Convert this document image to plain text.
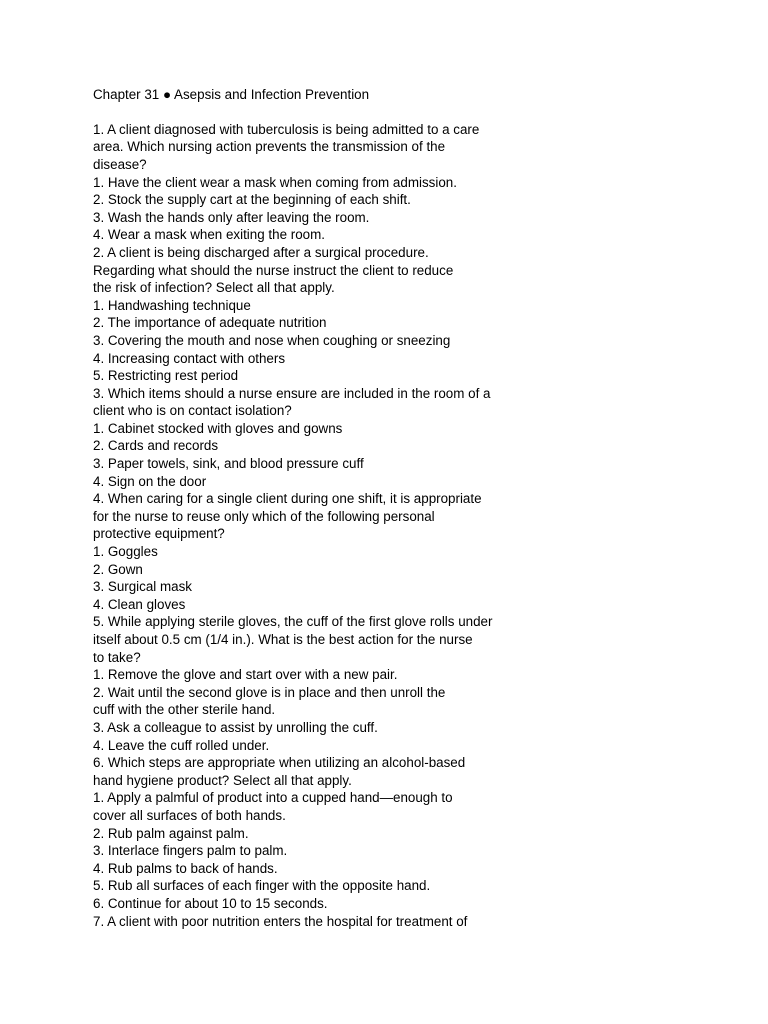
Chapter 31 ● Asepsis and Infection Prevention
1. A client diagnosed with tuberculosis is being admitted to a care
area. Which nursing action prevents the transmission of the
disease?
1. Have the client wear a mask when coming from admission.
2. Stock the supply cart at the beginning of each shift.
3. Wash the hands only after leaving the room.
4. Wear a mask when exiting the room.
2. A client is being discharged after a surgical procedure.
Regarding what should the nurse instruct the client to reduce
the risk of infection? Select all that apply.
1. Handwashing technique
2. The importance of adequate nutrition
3. Covering the mouth and nose when coughing or sneezing
4. Increasing contact with others
5. Restricting rest period
3. Which items should a nurse ensure are included in the room of a
client who is on contact isolation?
1. Cabinet stocked with gloves and gowns
2. Cards and records
3. Paper towels, sink, and blood pressure cuff
4. Sign on the door
4. When caring for a single client during one shift, it is appropriate
for the nurse to reuse only which of the following personal
protective equipment?
1. Goggles
2. Gown
3. Surgical mask
4. Clean gloves
5. While applying sterile gloves, the cuff of the first glove rolls under
itself about 0.5 cm (1/4 in.). What is the best action for the nurse
to take?
1. Remove the glove and start over with a new pair.
2. Wait until the second glove is in place and then unroll the
cuff with the other sterile hand.
3. Ask a colleague to assist by unrolling the cuff.
4. Leave the cuff rolled under.
6. Which steps are appropriate when utilizing an alcohol-based
hand hygiene product? Select all that apply.
1. Apply a palmful of product into a cupped hand—enough to
cover all surfaces of both hands.
2. Rub palm against palm.
3. Interlace fingers palm to palm.
4. Rub palms to back of hands.
5. Rub all surfaces of each finger with the opposite hand.
6. Continue for about 10 to 15 seconds.
7. A client with poor nutrition enters the hospital for treatment of
